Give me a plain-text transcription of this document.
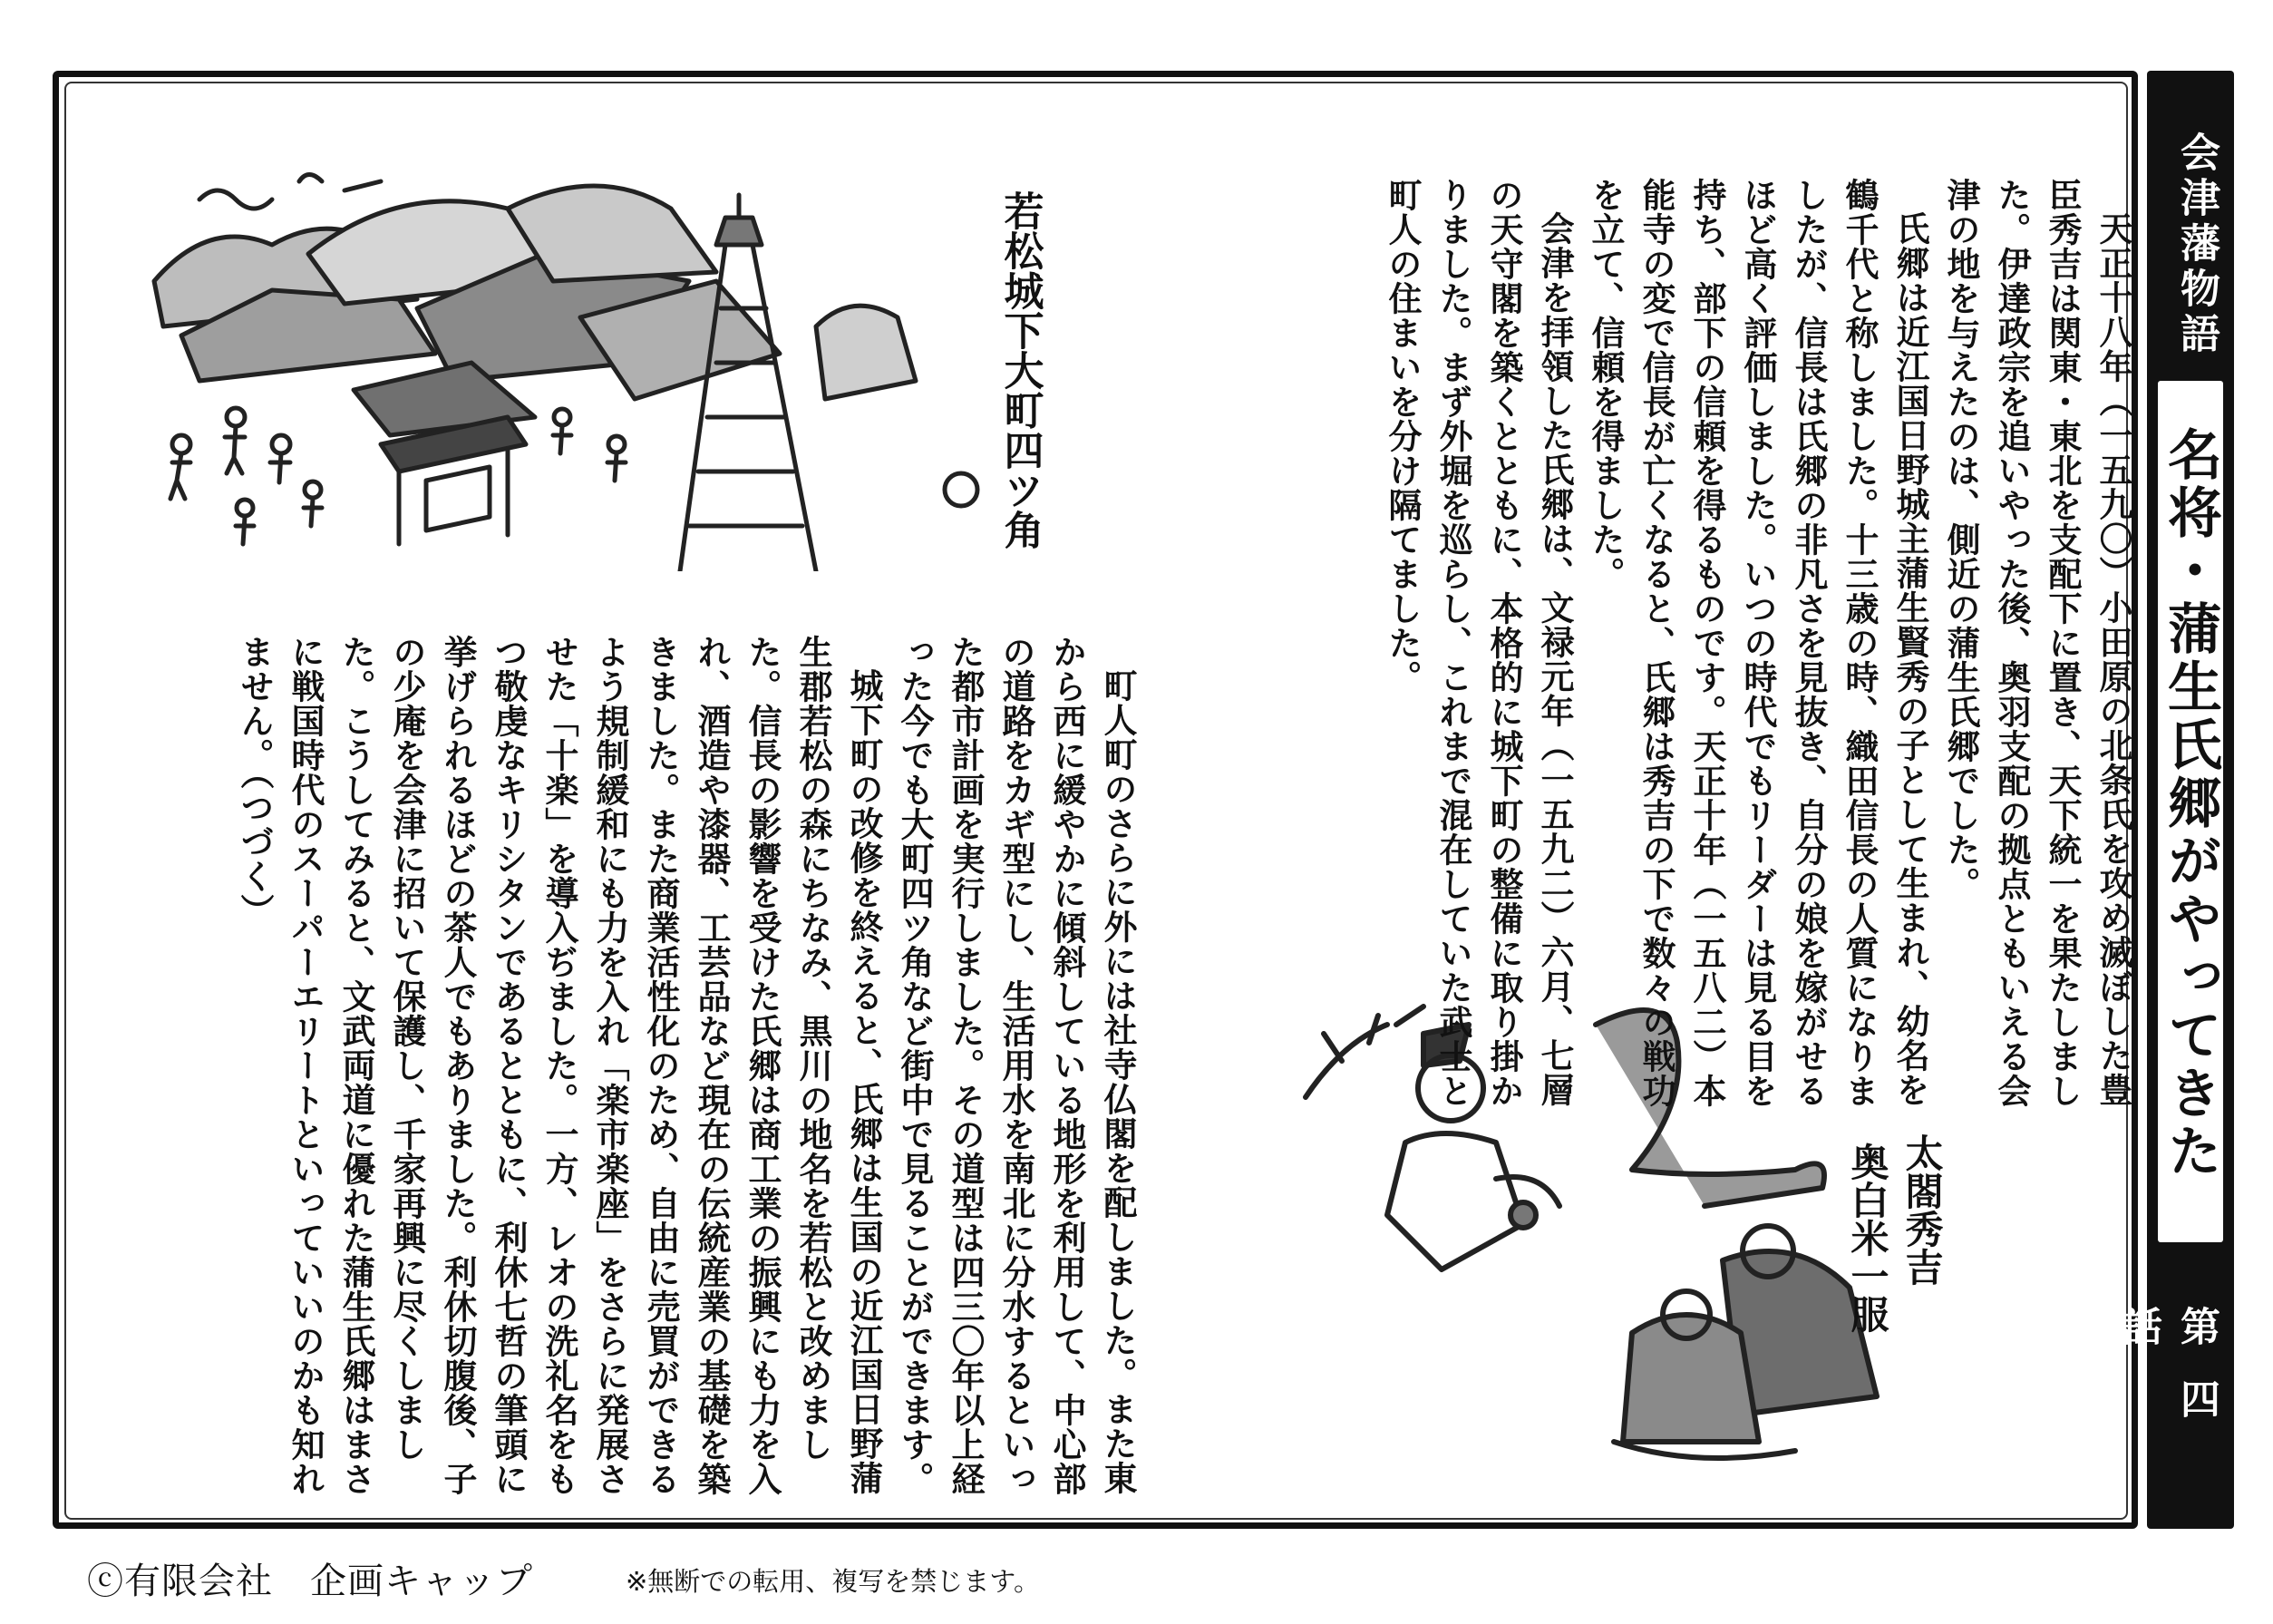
会津藩物語
名将・蒲生氏郷がやってきた
第四話
若松城下大町四ツ角
太閤秀吉
奥白米一服

天正十八年（一五九〇）小田原の北条氏を攻め滅ぼした豊臣秀吉は関東・東北を支配下に置き、天下統一を果たしました。伊達政宗を追いやった後、奥羽支配の拠点ともいえる会津の地を与えたのは、側近の蒲生氏郷でした。

氏郷は近江国日野城主蒲生賢秀の子として生まれ、幼名を鶴千代と称しました。十三歳の時、織田信長の人質になりましたが、信長は氏郷の非凡さを見抜き、自分の娘を嫁がせるほど高く評価しました。いつの時代でもリーダーは見る目を持ち、部下の信頼を得るものです。天正十年（一五八二）本能寺の変で信長が亡くなると、氏郷は秀吉の下で数々の戦功を立て、信頼を得ました。

会津を拝領した氏郷は、文禄元年（一五九二）六月、七層の天守閣を築くとともに、本格的に城下町の整備に取り掛かりました。まず外堀を巡らし、これまで混在していた武士と町人の住まいを分け隔てました。

町人町のさらに外には社寺仏閣を配しました。また東から西に緩やかに傾斜している地形を利用して、中心部の道路をカギ型にし、生活用水を南北に分水するといった都市計画を実行しました。その道型は四三〇年以上経った今でも大町四ツ角など街中で見ることができます。

城下町の改修を終えると、氏郷は生国の近江国日野蒲生郡若松の森にちなみ、黒川の地名を若松と改めました。信長の影響を受けた氏郷は商工業の振興にも力を入れ、酒造や漆器、工芸品など現在の伝統産業の基礎を築きました。また商業活性化のため、自由に売買ができるよう規制緩和にも力を入れ「楽市楽座」をさらに発展させた「十楽」を導入ぢました。一方、レオの洗礼名をもつ敬虔なキリシタンであるとともに、利休七哲の筆頭に挙げられるほどの茶人でもありました。利休切腹後、子の少庵を会津に招いて保護し、千家再興に尽くしました。こうしてみると、文武両道に優れた蒲生氏郷はまさに戦国時代のスーパーエリートといっていいのかも知れません。（つづく）

ⓒ有限会社　企画キャップ	※無断での転用、複写を禁じます。
